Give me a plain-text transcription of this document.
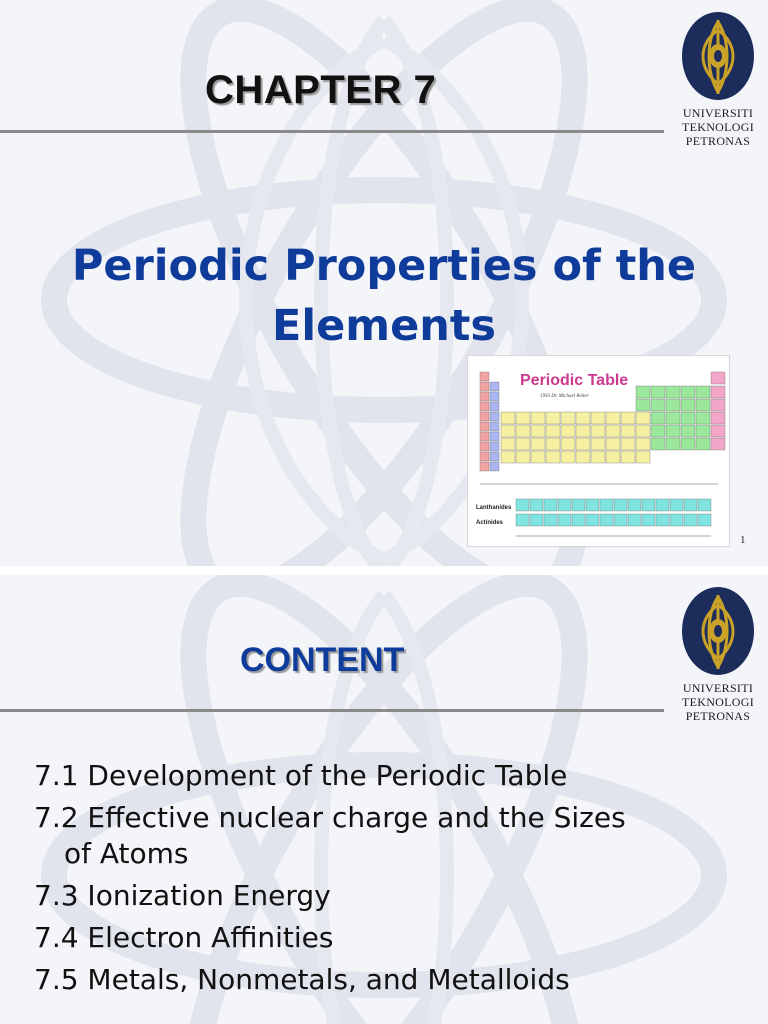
CHAPTER 7
UNIVERSITI
TEKNOLOGI
PETRONAS
Periodic Properties of the
Elements
Periodic Table
1993 Dr. Michael Reiter
Lanthanides
Actinides
1
CONTENT
UNIVERSITI
TEKNOLOGI
PETRONAS
7.1 Development of the Periodic Table
7.2 Effective nuclear charge and the Sizes
of Atoms
7.3 Ionization Energy
7.4 Electron Affinities
7.5 Metals, Nonmetals, and Metalloids
